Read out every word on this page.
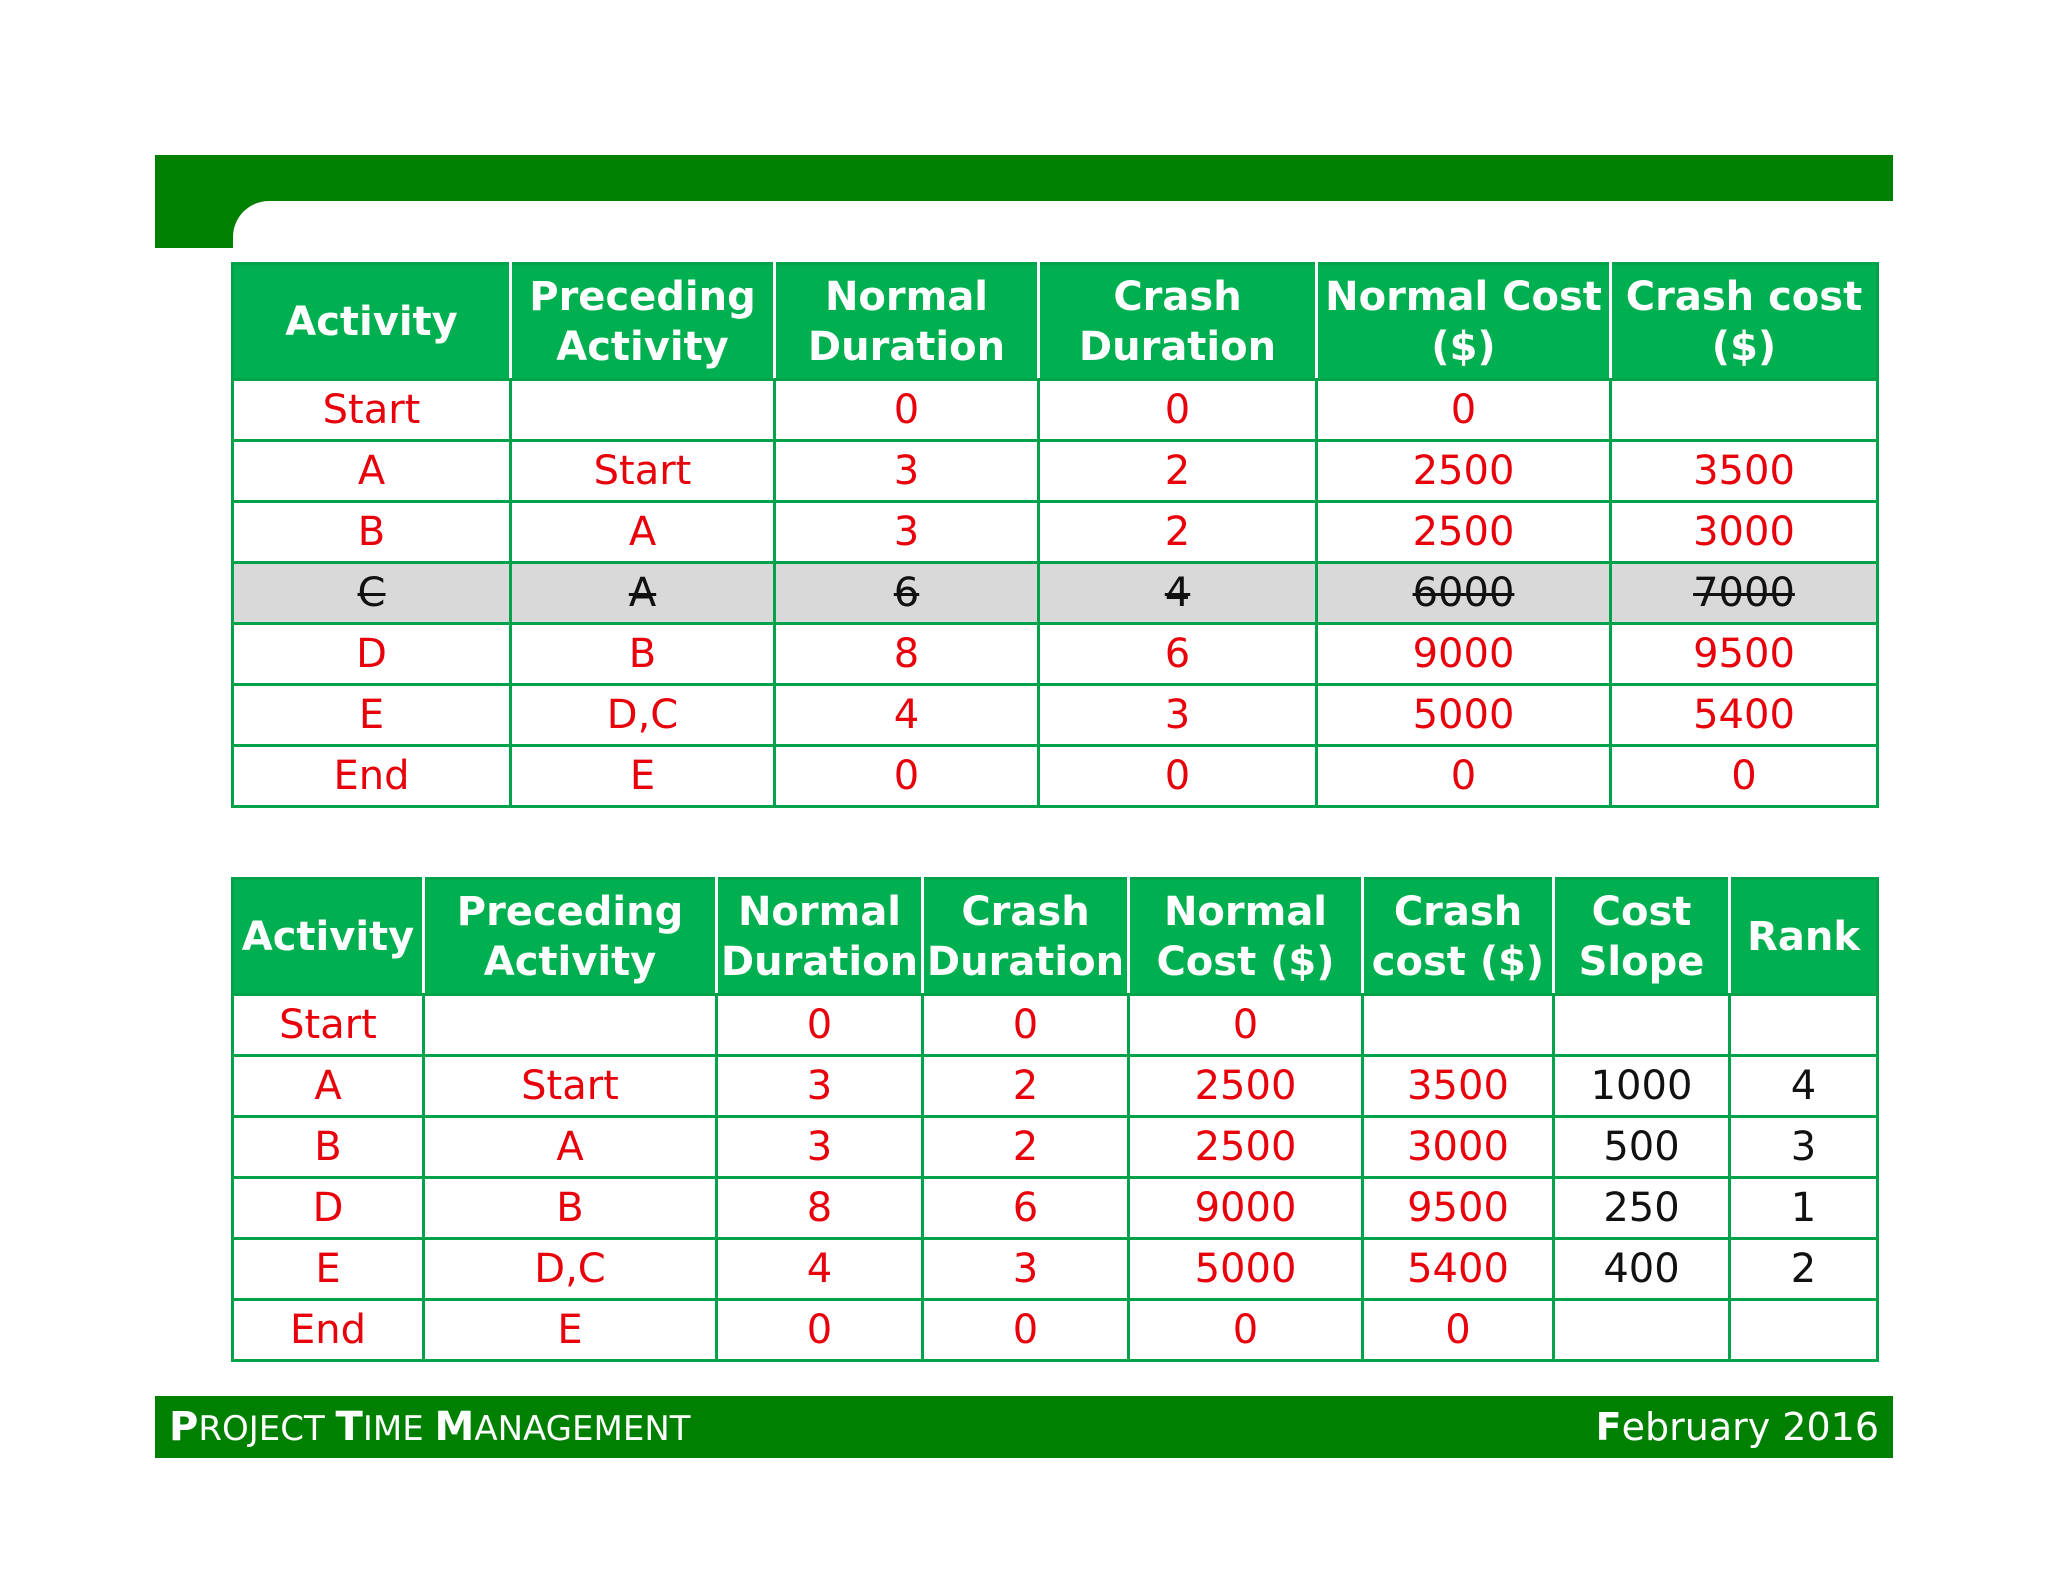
Activity	Preceding Activity	Normal Duration	Crash Duration	Normal Cost ($)	Crash cost ($)
Start		0	0	0	
A	Start	3	2	2500	3500
B	A	3	2	2500	3000
C	A	6	4	6000	7000
D	B	8	6	9000	9500
E	D,C	4	3	5000	5400
End	E	0	0	0	0
Activity	Preceding Activity	Normal Duration	Crash Duration	Normal Cost ($)	Crash cost ($)	Cost Slope	Rank
Start		0	0	0			
A	Start	3	2	2500	3500	1000	4
B	A	3	2	2500	3000	500	3
D	B	8	6	9000	9500	250	1
E	D,C	4	3	5000	5400	400	2
End	E	0	0	0	0		
PROJECT TIME MANAGEMENT	February 2016
